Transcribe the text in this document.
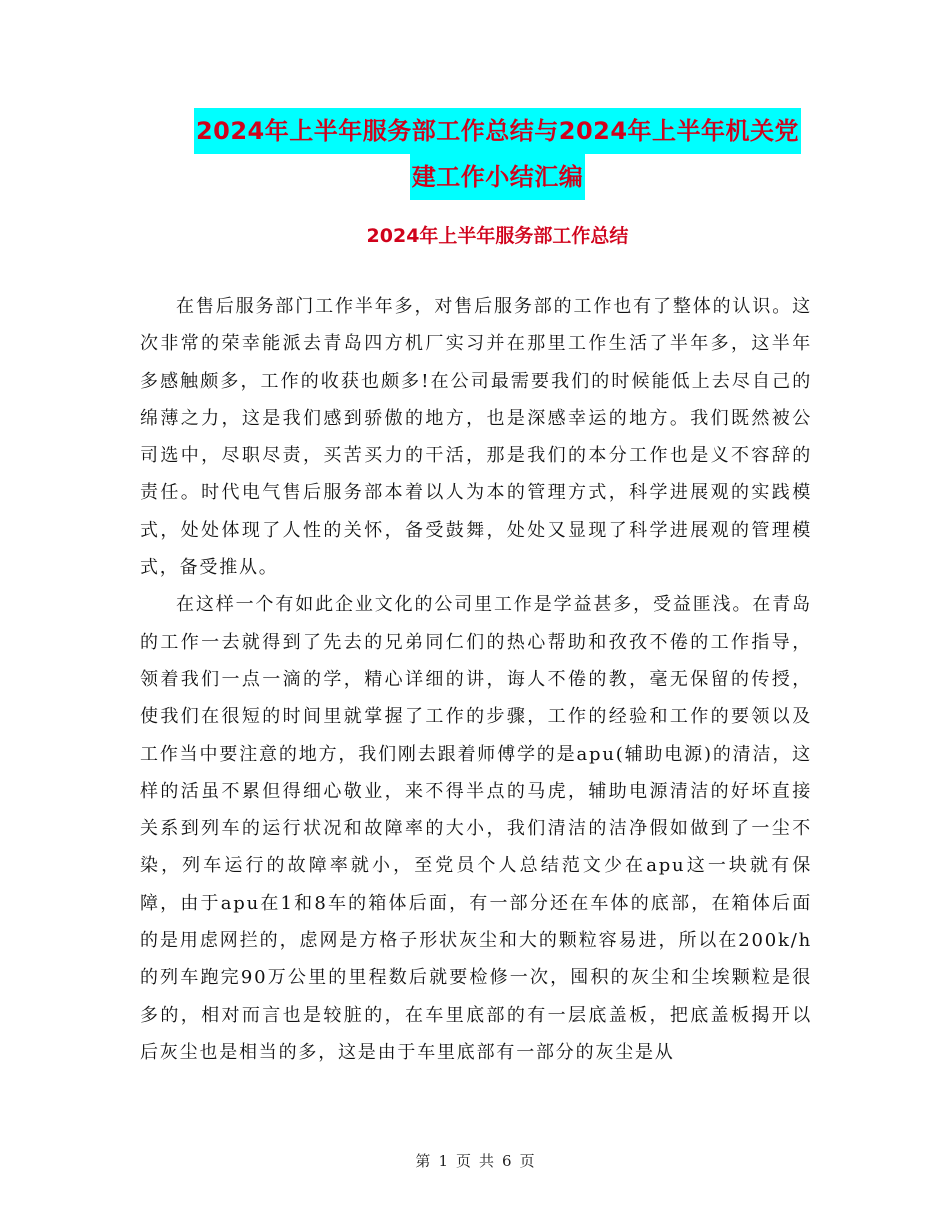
2024年上半年服务部工作总结与2024年上半年机关党
建工作小结汇编
2024年上半年服务部工作总结

在售后服务部门工作半年多，对售后服务部的工作也有了整体的认识。这次非常的荣幸能派去青岛四方机厂实习并在那里工作生活了半年多，这半年多感触颇多，工作的收获也颇多!在公司最需要我们的时候能低上去尽自己的绵薄之力，这是我们感到骄傲的地方，也是深感幸运的地方。我们既然被公司选中，尽职尽责，买苦买力的干活，那是我们的本分工作也是义不容辞的责任。时代电气售后服务部本着以人为本的管理方式，科学进展观的实践模式，处处体现了人性的关怀，备受鼓舞，处处又显现了科学进展观的管理模式，备受推从。

在这样一个有如此企业文化的公司里工作是学益甚多，受益匪浅。在青岛的工作一去就得到了先去的兄弟同仁们的热心帮助和孜孜不倦的工作指导，领着我们一点一滴的学，精心详细的讲，诲人不倦的教，毫无保留的传授，使我们在很短的时间里就掌握了工作的步骤，工作的经验和工作的要领以及工作当中要注意的地方，我们刚去跟着师傅学的是apu(辅助电源)的清洁，这样的活虽不累但得细心敬业，来不得半点的马虎，辅助电源清洁的好坏直接关系到列车的运行状况和故障率的大小，我们清洁的洁净假如做到了一尘不染，列车运行的故障率就小，至党员个人总结范文少在apu这一块就有保障，由于apu在1和8车的箱体后面，有一部分还在车体的底部，在箱体后面的是用虑网拦的，虑网是方格子形状灰尘和大的颗粒容易进，所以在200k/h的列车跑完90万公里的里程数后就要检修一次，囤积的灰尘和尘埃颗粒是很多的，相对而言也是较脏的，在车里底部的有一层底盖板，把底盖板揭开以后灰尘也是相当的多，这是由于车里底部有一部分的灰尘是从

第 1 页 共 6 页
